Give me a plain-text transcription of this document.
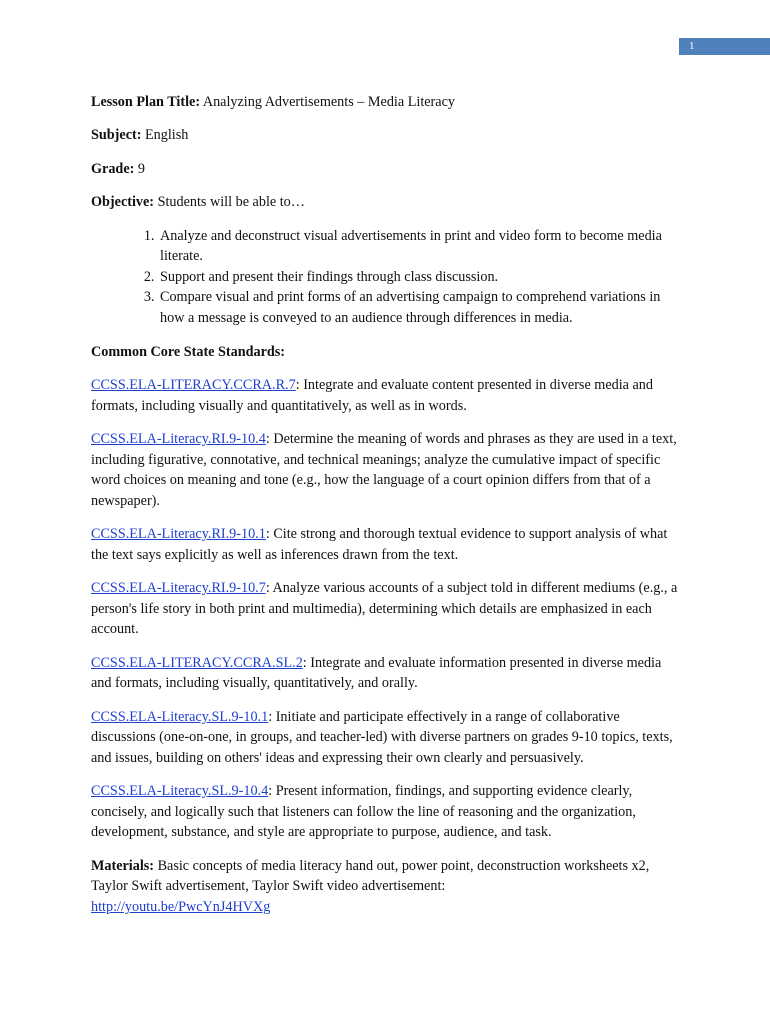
1

Lesson Plan Title: Analyzing Advertisements – Media Literacy

Subject: English

Grade: 9

Objective: Students will be able to…

1. Analyze and deconstruct visual advertisements in print and video form to become media literate.
2. Support and present their findings through class discussion.
3. Compare visual and print forms of an advertising campaign to comprehend variations in how a message is conveyed to an audience through differences in media.

Common Core State Standards:

CCSS.ELA-LITERACY.CCRA.R.7: Integrate and evaluate content presented in diverse media and formats, including visually and quantitatively, as well as in words.

CCSS.ELA-Literacy.RI.9-10.4: Determine the meaning of words and phrases as they are used in a text, including figurative, connotative, and technical meanings; analyze the cumulative impact of specific word choices on meaning and tone (e.g., how the language of a court opinion differs from that of a newspaper).

CCSS.ELA-Literacy.RI.9-10.1: Cite strong and thorough textual evidence to support analysis of what the text says explicitly as well as inferences drawn from the text.

CCSS.ELA-Literacy.RI.9-10.7: Analyze various accounts of a subject told in different mediums (e.g., a person's life story in both print and multimedia), determining which details are emphasized in each account.

CCSS.ELA-LITERACY.CCRA.SL.2: Integrate and evaluate information presented in diverse media and formats, including visually, quantitatively, and orally.

CCSS.ELA-Literacy.SL.9-10.1: Initiate and participate effectively in a range of collaborative discussions (one-on-one, in groups, and teacher-led) with diverse partners on grades 9-10 topics, texts, and issues, building on others' ideas and expressing their own clearly and persuasively.

CCSS.ELA-Literacy.SL.9-10.4: Present information, findings, and supporting evidence clearly, concisely, and logically such that listeners can follow the line of reasoning and the organization, development, substance, and style are appropriate to purpose, audience, and task.

Materials: Basic concepts of media literacy hand out, power point, deconstruction worksheets x2, Taylor Swift advertisement, Taylor Swift video advertisement:
http://youtu.be/PwcYnJ4HVXg
